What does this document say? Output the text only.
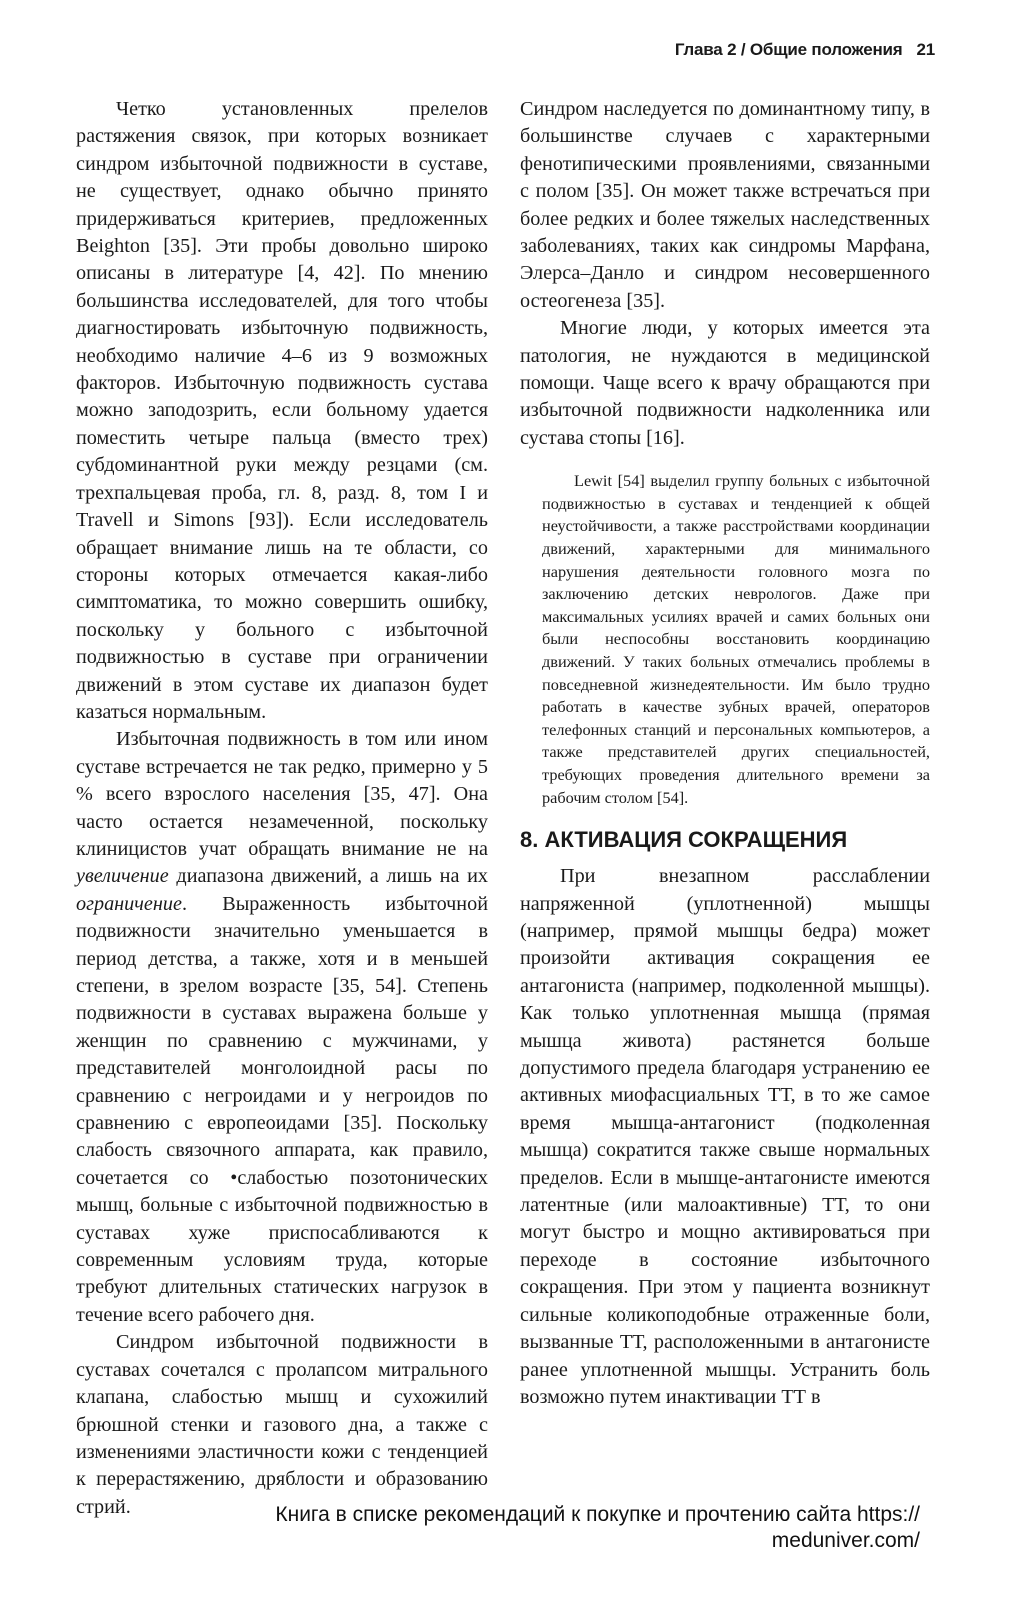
Глава 2 / Общие положения 21

Четко установленных прелелов растяжения связок, при которых возникает синдром избыточной подвижности в суставе, не существует, однако обычно принято придерживаться критериев, предложенных Beighton [35]. Эти пробы довольно широко описаны в литературе [4, 42]. По мнению большинства исследователей, для того чтобы диагностировать избыточную подвижность, необходимо наличие 4–6 из 9 возможных факторов. Избыточную подвижность сустава можно заподозрить, если больному удается поместить четыре пальца (вместо трех) субдоминантной руки между резцами (см. трехпальцевая проба, гл. 8, разд. 8, том I и Travell и Simons [93]). Если исследователь обращает внимание лишь на те области, со стороны которых отмечается какая-либо симптоматика, то можно совершить ошибку, поскольку у больного с избыточной подвижностью в суставе при ограничении движений в этом суставе их диапазон будет казаться нормальным.

Избыточная подвижность в том или ином суставе встречается не так редко, примерно у 5 % всего взрослого населения [35, 47]. Она часто остается незамеченной, поскольку клиницистов учат обращать внимание не на увеличение диапазона движений, а лишь на их ограничение. Выраженность избыточной подвижности значительно уменьшается в период детства, а также, хотя и в меньшей степени, в зрелом возрасте [35, 54]. Степень подвижности в суставах выражена больше у женщин по сравнению с мужчинами, у представителей монголоидной расы по сравнению с негроидами и у негроидов по сравнению с европеоидами [35]. Поскольку слабость связочного аппарата, как правило, сочетается со •слабостью позотонических мышц, больные с избыточной подвижностью в суставах хуже приспосабливаются к современным условиям труда, которые требуют длительных статических нагрузок в течение всего рабочего дня.

Синдром избыточной подвижности в суставах сочетался с пролапсом митрального клапана, слабостью мышц и сухожилий брюшной стенки и газового дна, а также с изменениями эластичности кожи с тенденцией к перерастяжению, дряблости и образованию стрий.

Синдром наследуется по доминантному типу, в большинстве случаев с характерными фенотипическими проявлениями, связанными с полом [35]. Он может также встречаться при более редких и более тяжелых наследственных заболеваниях, таких как синдромы Марфана, Элерса–Данло и синдром несовершенного остеогенеза [35].

Многие люди, у которых имеется эта патология, не нуждаются в медицинской помощи. Чаще всего к врачу обращаются при избыточной подвижности надколенника или сустава стопы [16].

Lewit [54] выделил группу больных с избыточной подвижностью в суставах и тенденцией к общей неустойчивости, а также расстройствами координации движений, характерными для минимального нарушения деятельности головного мозга по заключению детских неврологов. Даже при максимальных усилиях врачей и самих больных они были неспособны восстановить координацию движений. У таких больных отмечались проблемы в повседневной жизнедеятельности. Им было трудно работать в качестве зубных врачей, операторов телефонных станций и персональных компьютеров, а также представителей других специальностей, требующих проведения длительного времени за рабочим столом [54].

8. АКТИВАЦИЯ СОКРАЩЕНИЯ

При внезапном расслаблении напряженной (уплотненной) мышцы (например, прямой мышцы бедра) может произойти активация сокращения ее антагониста (например, подколенной мышцы). Как только уплотненная мышца (прямая мышца живота) растянется больше допустимого предела благодаря устранению ее активных миофасциальных ТТ, в то же самое время мышца-антагонист (подколенная мышца) сократится также свыше нормальных пределов. Если в мышце-антагонисте имеются латентные (или малоактивные) ТТ, то они могут быстро и мощно активироваться при переходе в состояние избыточного сокращения. При этом у пациента возникнут сильные коликоподобные отраженные боли, вызванные ТТ, расположенными в антагонисте ранее уплотненной мышцы. Устранить боль возможно путем инактивации ТТ в

Книга в списке рекомендаций к покупке и прочтению сайта https://
meduniver.com/
